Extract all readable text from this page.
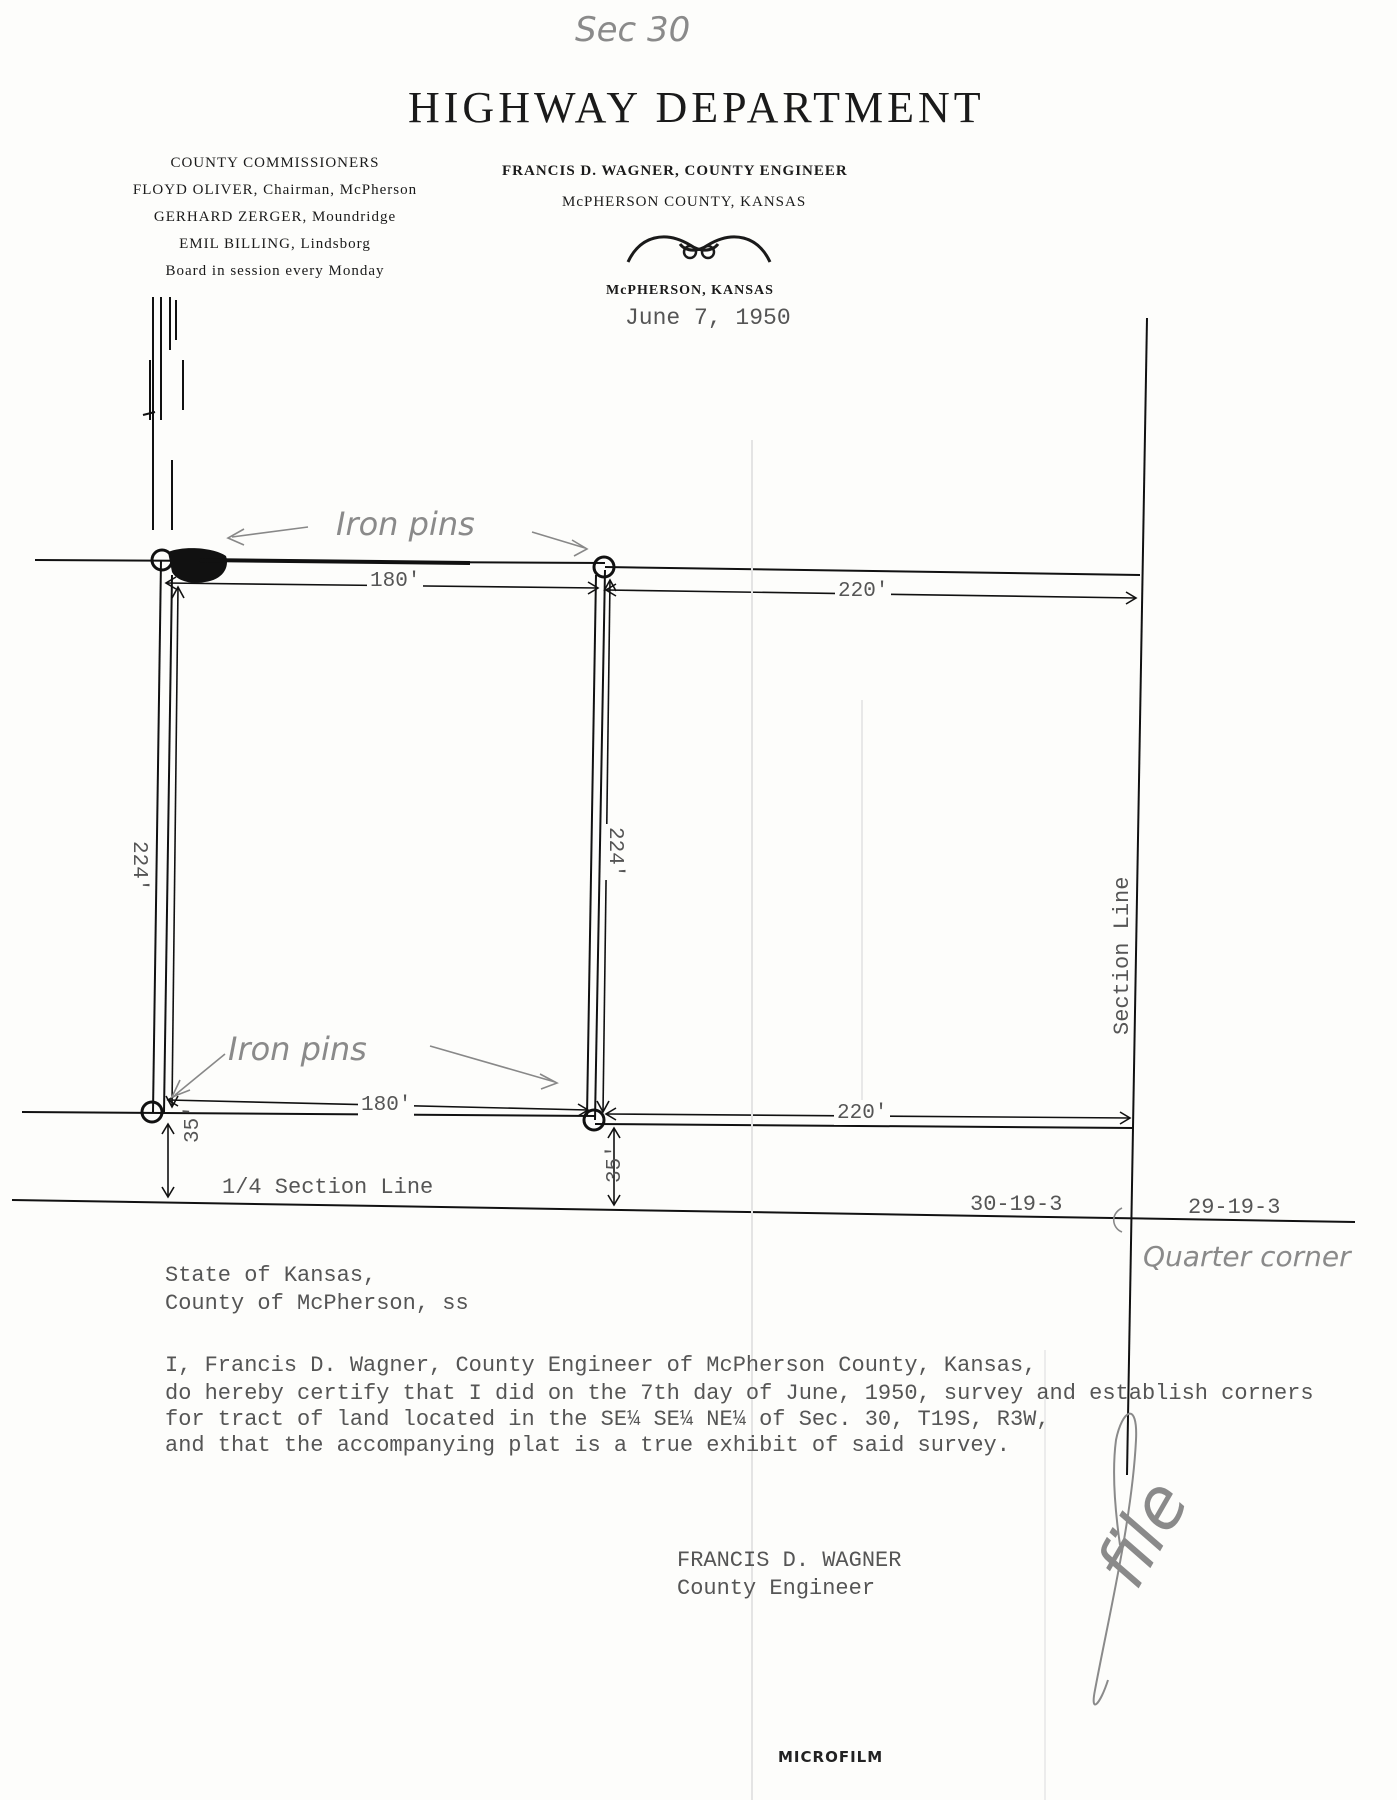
Sec 30
HIGHWAY DEPARTMENT
COUNTY COMMISSIONERS
FLOYD OLIVER, Chairman, McPherson
GERHARD ZERGER, Moundridge
EMIL BILLING, Lindsborg
Board in session every Monday
FRANCIS D. WAGNER, COUNTY ENGINEER
McPHERSON COUNTY, KANSAS
McPHERSON, KANSAS
June 7, 1950
Iron pins
Iron pins
Quarter corner
file
180'	220'
224'	224'
180'	220'
35'
35'
Section Line
1/4 Section Line
30-19-3	29-19-3
State of Kansas,
County of McPherson, ss
I, Francis D. Wagner, County Engineer of McPherson County, Kansas,
do hereby certify that I did on the 7th day of June, 1950, survey and establish corners
for tract of land located in the SE¼ SE¼ NE¼ of Sec. 30, T19S, R3W,
and that the accompanying plat is a true exhibit of said survey.
FRANCIS D. WAGNER
County Engineer
MICROFILM
